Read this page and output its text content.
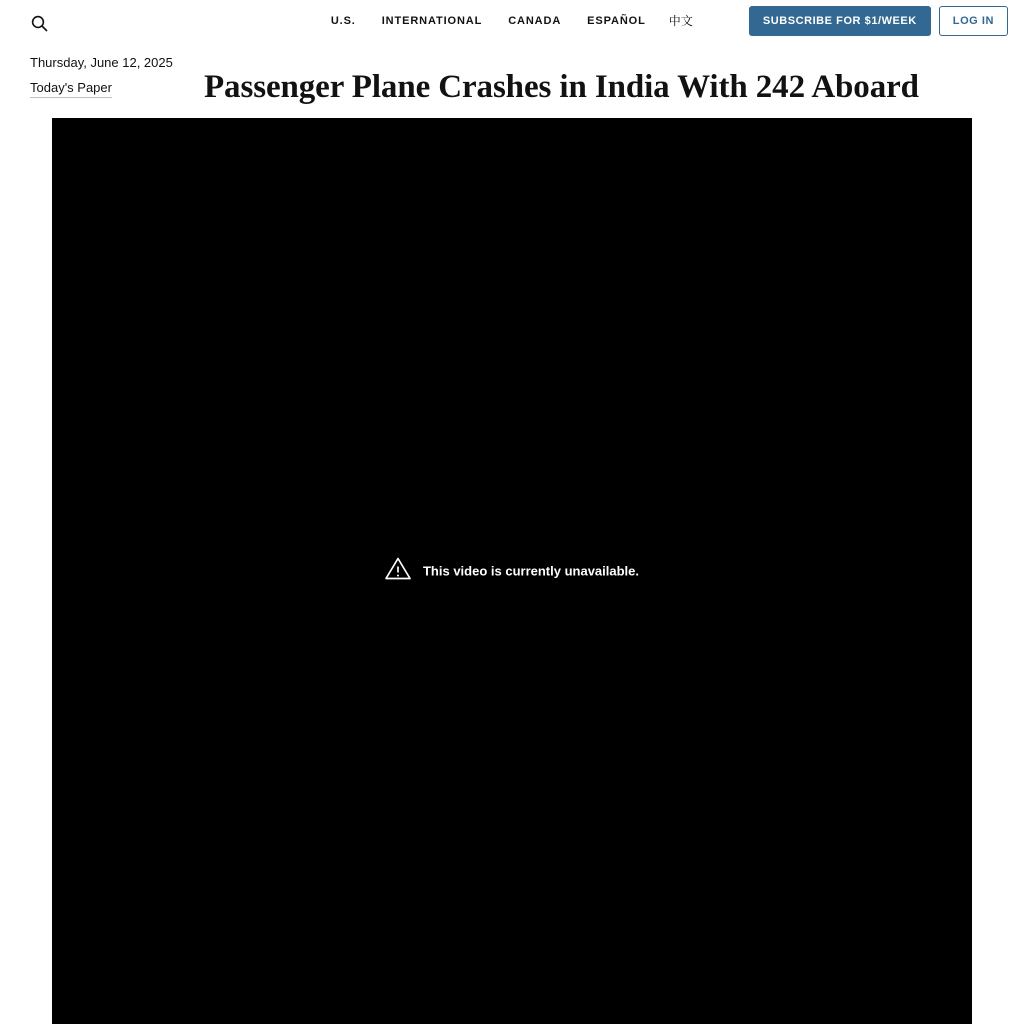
U.S.	INTERNATIONAL	CANADA	ESPAÑOL	中文	SUBSCRIBE FOR $1/WEEK	LOG IN
Thursday, June 12, 2025
Today's Paper	Passenger Plane Crashes in India With 242 Aboard
This video is currently unavailable.
